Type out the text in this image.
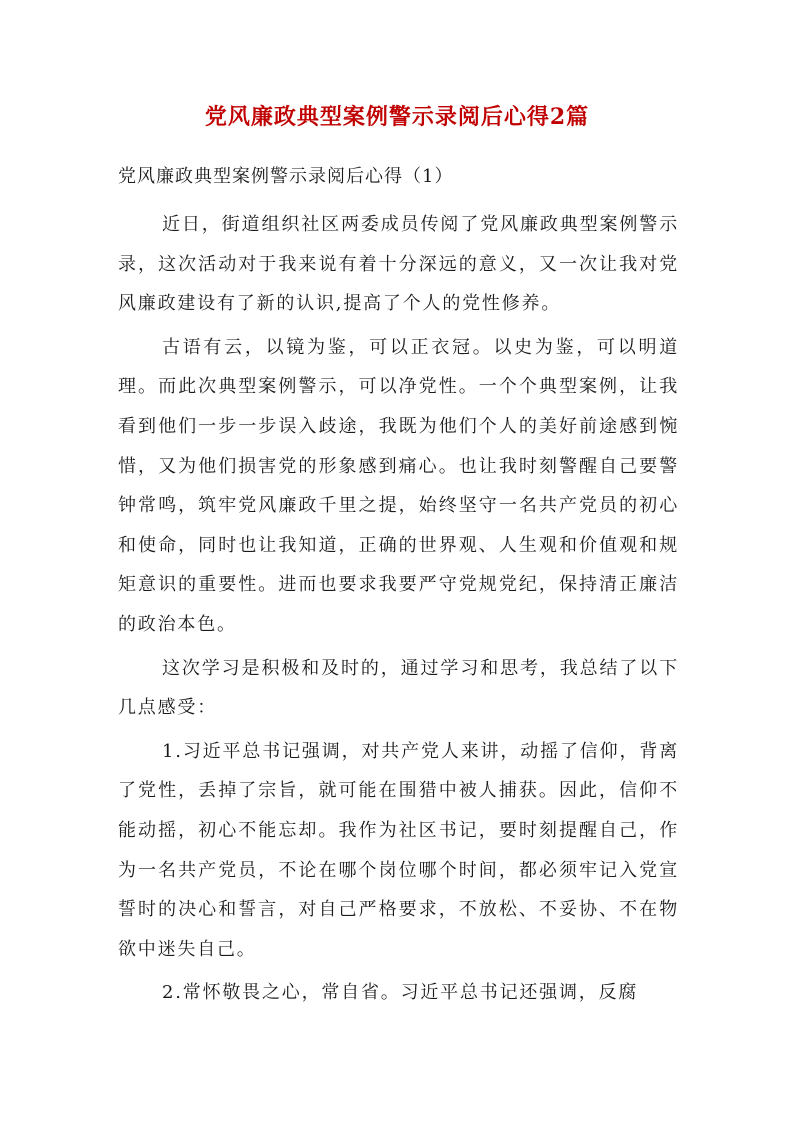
党风廉政典型案例警示录阅后心得2篇
党风廉政典型案例警示录阅后心得（1）

近日，街道组织社区两委成员传阅了党风廉政典型案例警示录，这次活动对于我来说有着十分深远的意义，又一次让我对党风廉政建设有了新的认识,提高了个人的党性修养。

古语有云，以镜为鉴，可以正衣冠。以史为鉴，可以明道理。而此次典型案例警示，可以净党性。一个个典型案例，让我看到他们一步一步误入歧途，我既为他们个人的美好前途感到惋惜，又为他们损害党的形象感到痛心。也让我时刻警醒自己要警钟常鸣，筑牢党风廉政千里之提，始终坚守一名共产党员的初心和使命，同时也让我知道，正确的世界观、人生观和价值观和规矩意识的重要性。进而也要求我要严守党规党纪，保持清正廉洁的政治本色。

这次学习是积极和及时的，通过学习和思考，我总结了以下几点感受：

1.习近平总书记强调，对共产党人来讲，动摇了信仰，背离了党性，丢掉了宗旨，就可能在围猎中被人捕获。因此，信仰不能动摇，初心不能忘却。我作为社区书记，要时刻提醒自己，作为一名共产党员，不论在哪个岗位哪个时间，都必须牢记入党宣誓时的决心和誓言，对自己严格要求，不放松、不妥协、不在物欲中迷失自己。

2.常怀敬畏之心，常自省。习近平总书记还强调，反腐
